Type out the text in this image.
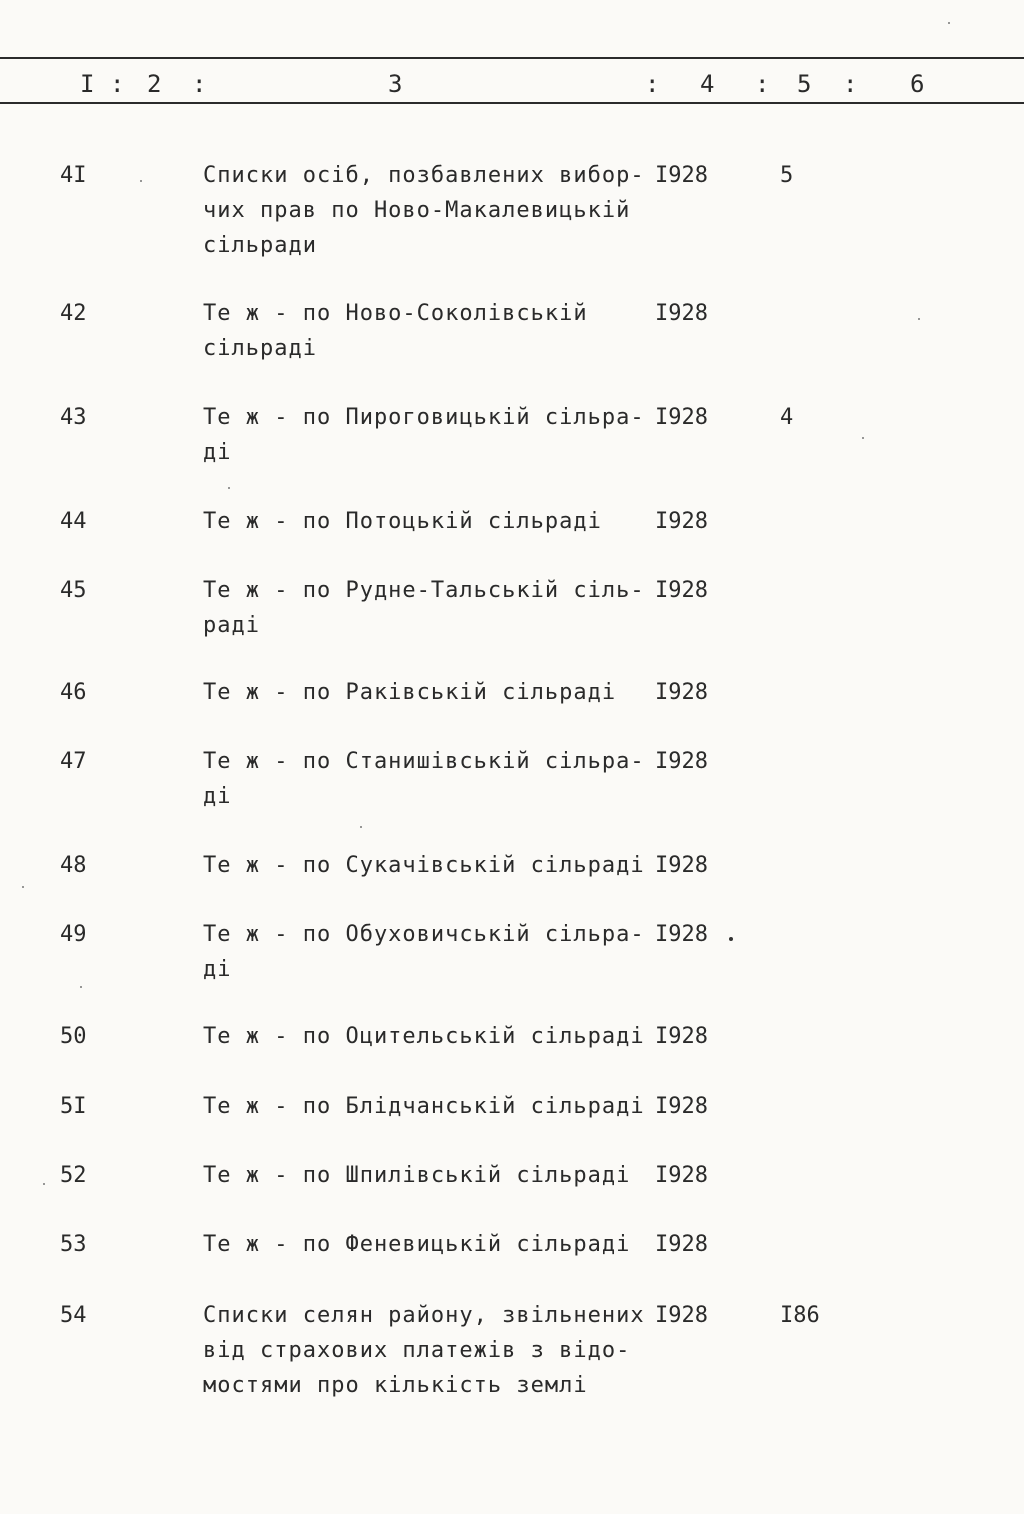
I : 2 :	3	: 4 : 5 : 6
4I	Списки осіб, позбавлених вибор-
чих прав по Ново-Макалевицькій
сільради
I928	5
42	Те ж - по Ново-Соколівській
сільраді
I928
43	Те ж - по Пироговицькій сільра-
ді
I928	4
44	Те ж - по Потоцькій сільраді	I928
45	Те ж - по Рудне-Тальській сіль-
раді
I928
46	Те ж - по Раківській сільраді	I928
47	Те ж - по Станишівській сільра-
ді
I928
48	Те ж - по Сукачівській сільраді I928
49	Те ж - по Обуховичській сільра-
ді
I928
50	Те ж - по Оцительській сільраді I928
5I	Те ж - по Блідчанській сільраді I928
52	Те ж - по Шпилівській сільраді	I928
53	Те ж - по Феневицькій сільраді	I928
54	Списки селян району, звільнених
від страхових платежів з відо-
мостями про кількість землі
I928	I86
